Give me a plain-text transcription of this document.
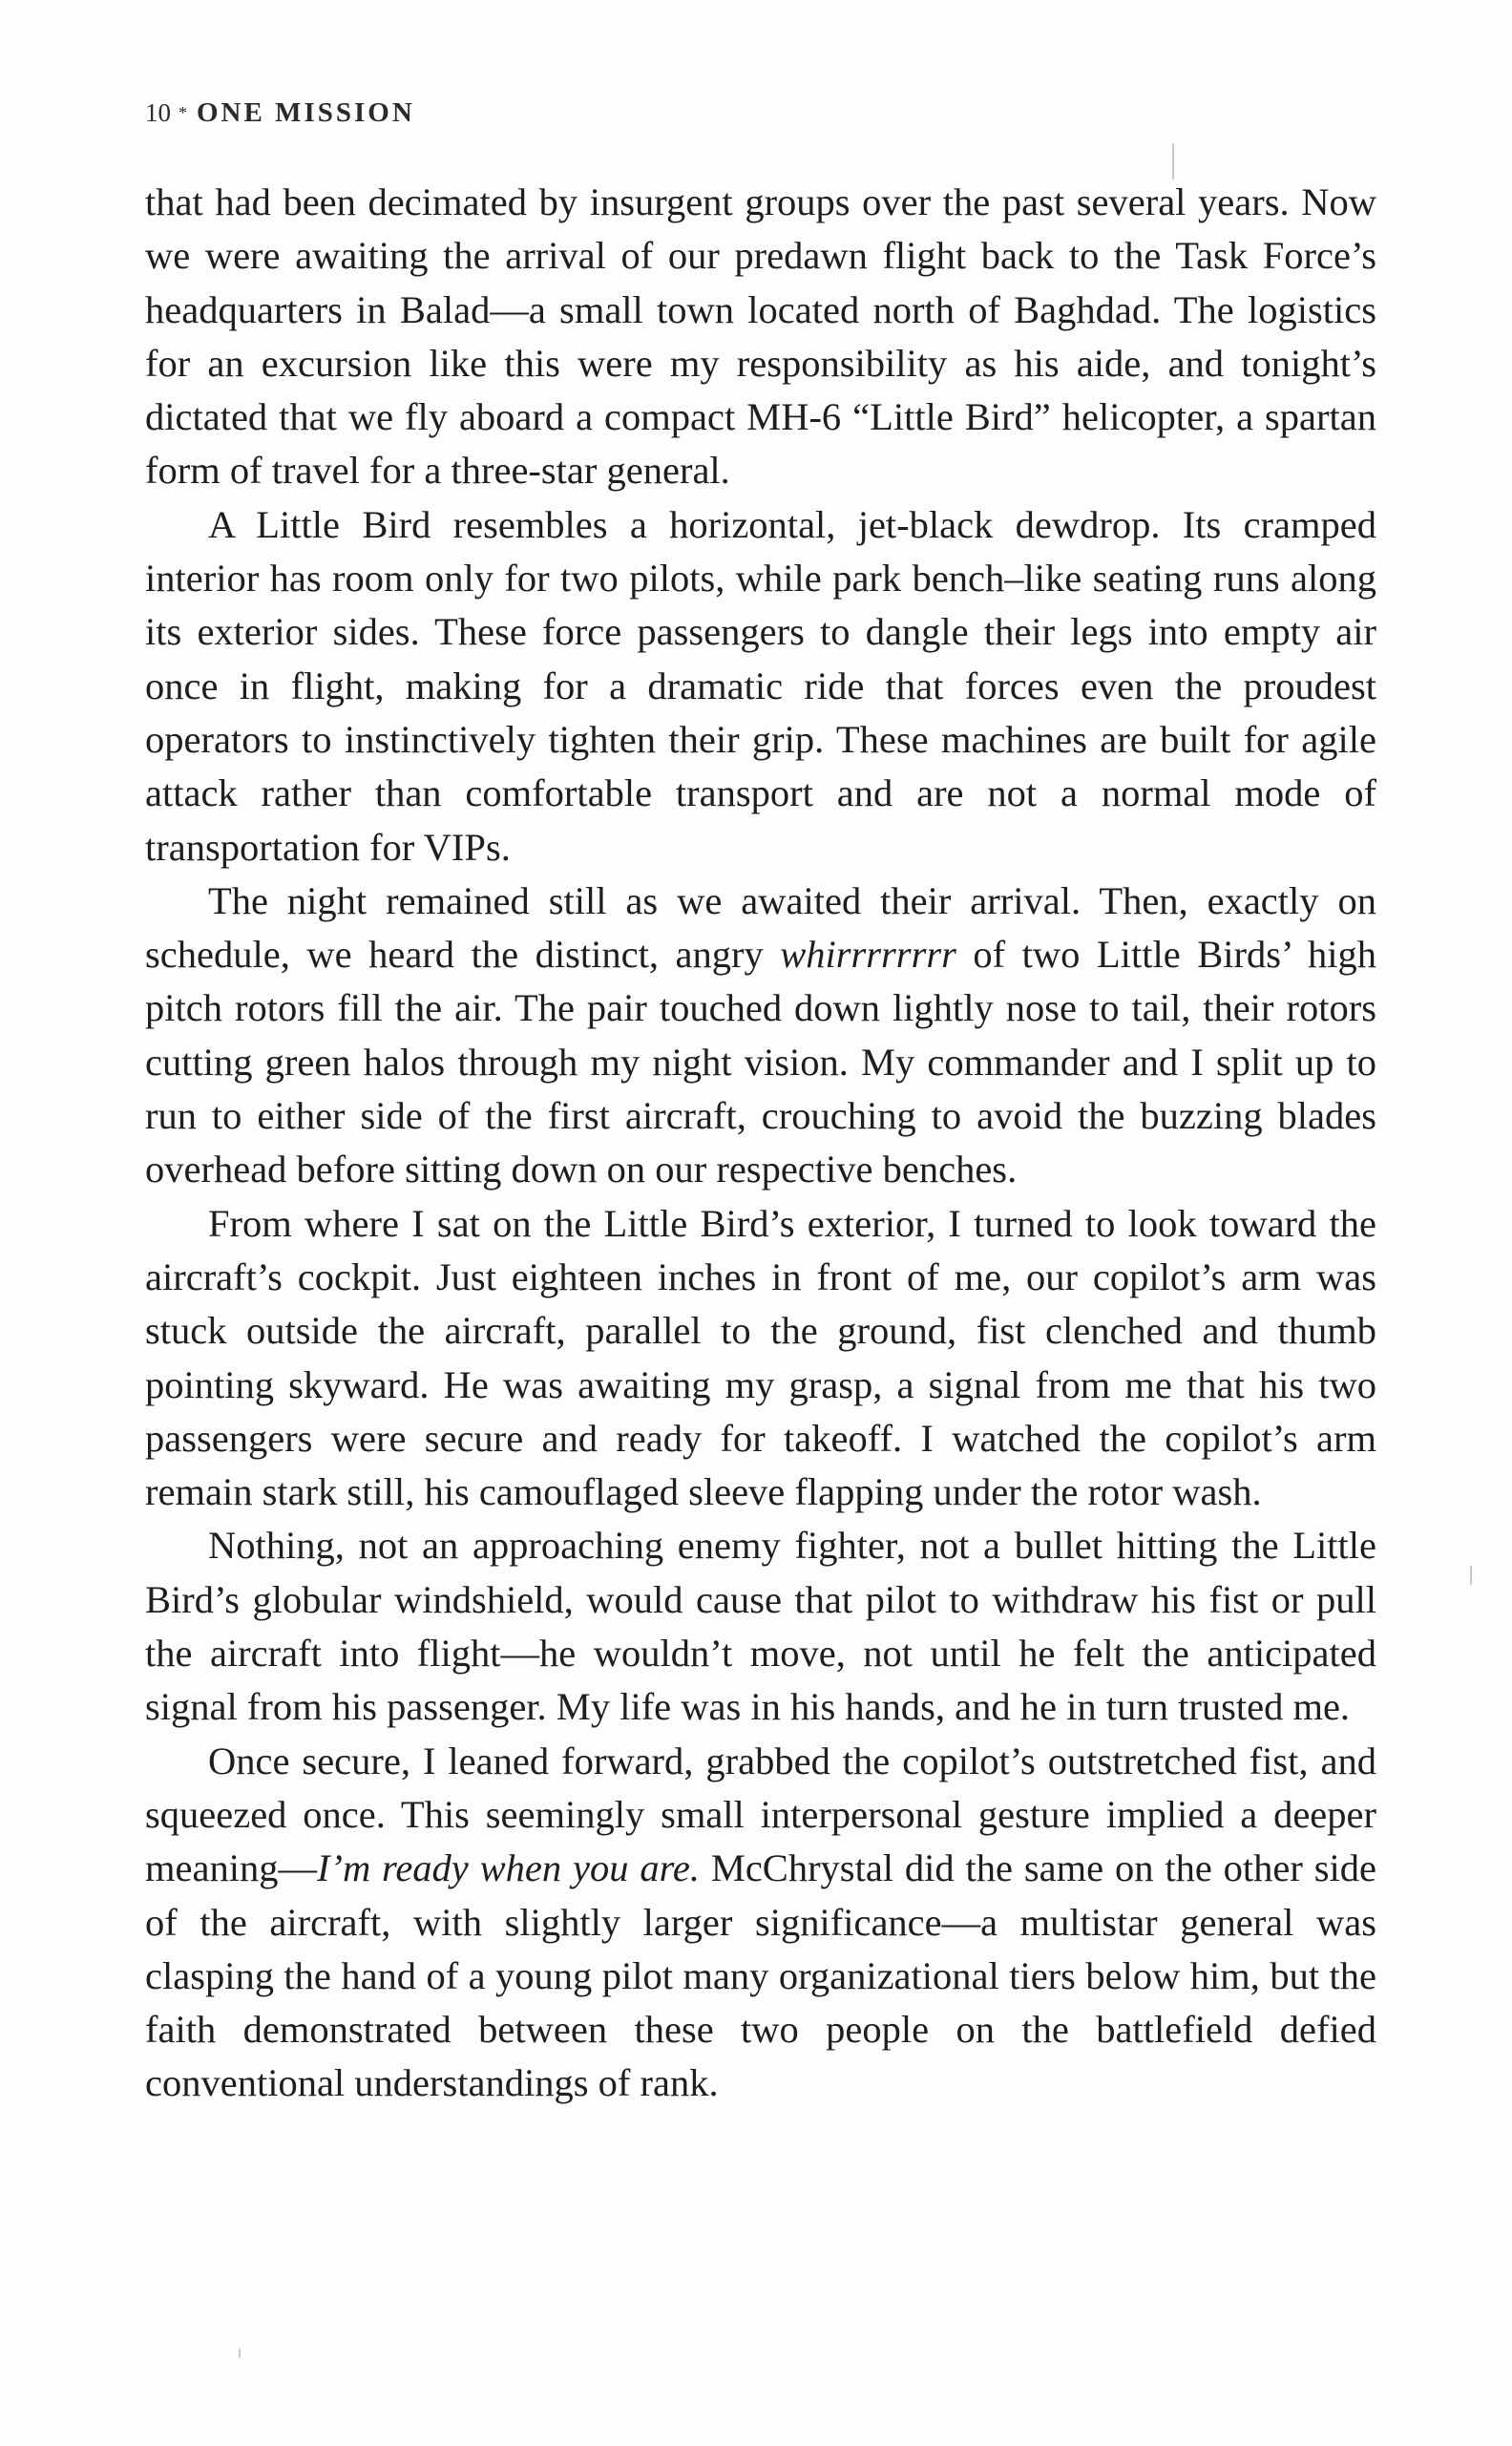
10 * ONE MISSION

that had been decimated by insurgent groups over the past several years. Now we were awaiting the arrival of our predawn flight back to the Task Force’s headquarters in Balad—a small town located north of Baghdad. The logistics for an excursion like this were my responsibility as his aide, and tonight’s dictated that we fly aboard a compact MH-6 “Little Bird” helicopter, a spartan form of travel for a three-star general.

A Little Bird resembles a horizontal, jet-black dewdrop. Its cramped interior has room only for two pilots, while park bench–like seating runs along its exterior sides. These force passengers to dangle their legs into empty air once in flight, making for a dramatic ride that forces even the proudest operators to instinctively tighten their grip. These machines are built for agile attack rather than comfortable transport and are not a normal mode of transportation for VIPs.

The night remained still as we awaited their arrival. Then, exactly on schedule, we heard the distinct, angry whirrrrrrrr of two Little Birds’ high pitch rotors fill the air. The pair touched down lightly nose to tail, their rotors cutting green halos through my night vision. My commander and I split up to run to either side of the first aircraft, crouching to avoid the buzzing blades overhead before sitting down on our respective benches.

From where I sat on the Little Bird’s exterior, I turned to look toward the aircraft’s cockpit. Just eighteen inches in front of me, our copilot’s arm was stuck outside the aircraft, parallel to the ground, fist clenched and thumb pointing skyward. He was awaiting my grasp, a signal from me that his two passengers were secure and ready for takeoff. I watched the copilot’s arm remain stark still, his camouflaged sleeve flapping under the rotor wash.

Nothing, not an approaching enemy fighter, not a bullet hitting the Little Bird’s globular windshield, would cause that pilot to withdraw his fist or pull the aircraft into flight—he wouldn’t move, not until he felt the anticipated signal from his passenger. My life was in his hands, and he in turn trusted me.

Once secure, I leaned forward, grabbed the copilot’s outstretched fist, and squeezed once. This seemingly small interpersonal gesture implied a deeper meaning—I’m ready when you are. McChrystal did the same on the other side of the aircraft, with slightly larger significance—a multistar general was clasping the hand of a young pilot many organizational tiers below him, but the faith demonstrated between these two people on the battlefield defied conventional understandings of rank.
